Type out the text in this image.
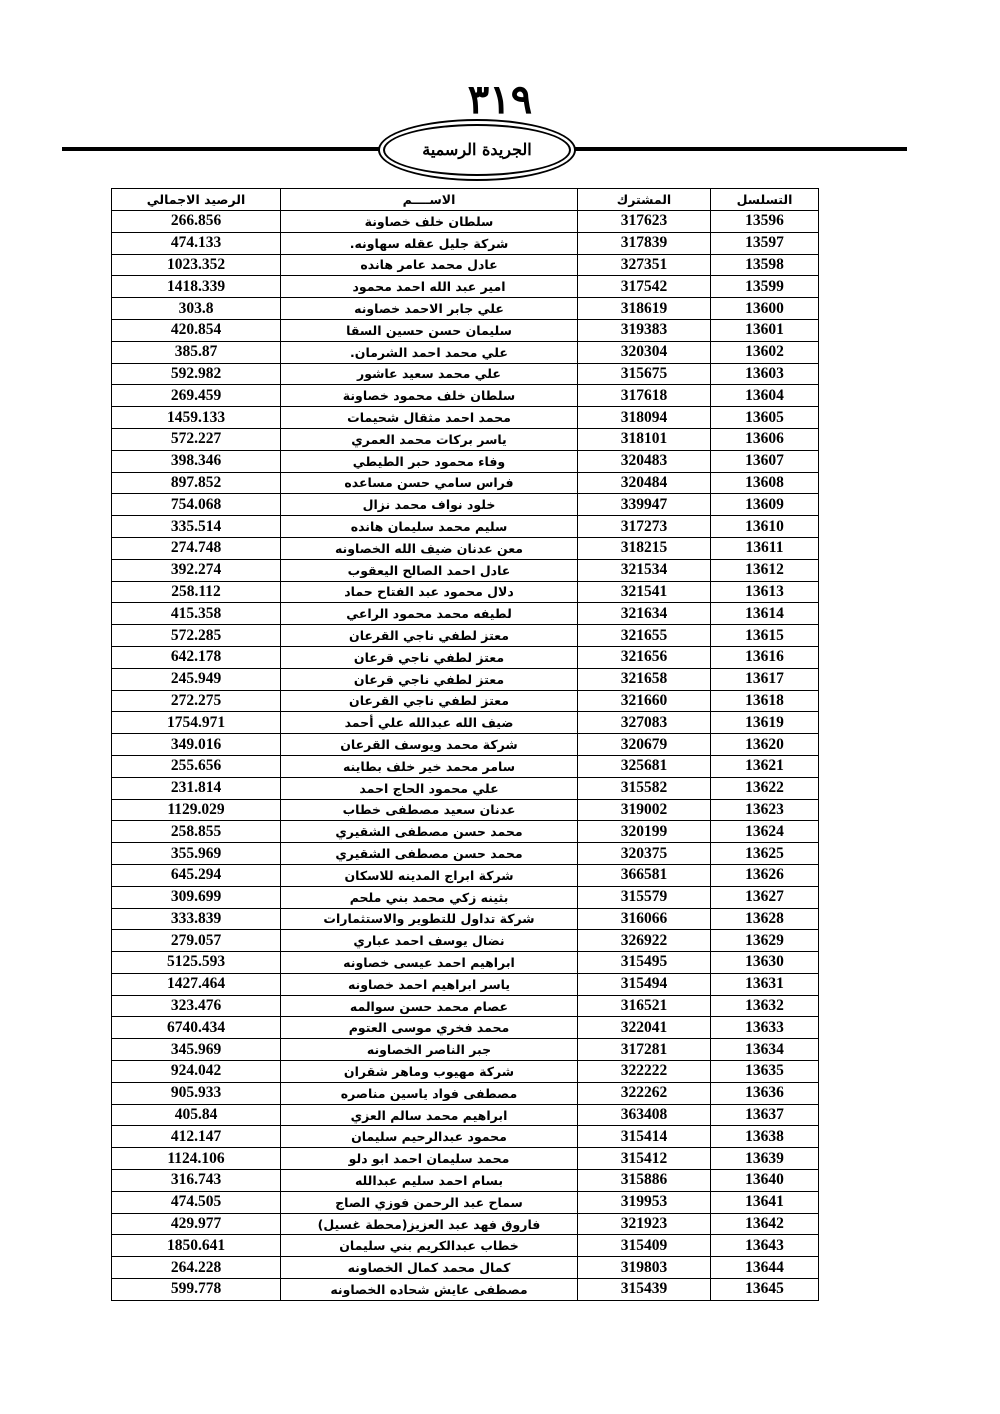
٣١٩
الجريدة الرسمية
التسلسل	المشترك	الاســــم	الرصيد الاجمالي
13596	317623	سلطان خلف خصاونة	266.856
13597	317839	شركة جليل عقله سهاونه.	474.133
13598	327351	عادل محمد عامر هانده	1023.352
13599	317542	امير عبد الله احمد محمود	1418.339
13600	318619	علي جابر الاحمد خصاونه	303.8
13601	319383	سليمان حسن حسين السقا	420.854
13602	320304	علي محمد احمد الشرمان.	385.87
13603	315675	علي محمد سعيد عاشور	592.982
13604	317618	سلطان خلف محمود خصاونة	269.459
13605	318094	محمد احمد مثقال شحيمات	1459.133
13606	318101	ياسر بركات محمد العمري	572.227
13607	320483	وفاء محمود حبر الطيطي	398.346
13608	320484	فراس سامي حسن مساعده	897.852
13609	339947	خلود نواف محمد نزال	754.068
13610	317273	سليم محمد سليمان هانده	335.514
13611	318215	معن عدنان ضيف الله الخصاونه	274.748
13612	321534	عادل احمد الصالح اليعقوب	392.274
13613	321541	دلال محمود عبد الفتاح حماد	258.112
13614	321634	لطيفه محمد محمود الراعي	415.358
13615	321655	معتز لطفي ناجي القرعان	572.285
13616	321656	معتز لطفي ناجي قرعان	642.178
13617	321658	معتز لطفي ناجي قرعان	245.949
13618	321660	معتز لطفي ناجي القرعان	272.275
13619	327083	ضيف الله عبدالله علي أحمد	1754.971
13620	320679	شركة محمد ويوسف القرعان	349.016
13621	325681	سامر محمد خير خلف بطاينه	255.656
13622	315582	علي محمود الحاج احمد	231.814
13623	319002	عدنان سعيد مصطفى خطاب	1129.029
13624	320199	محمد حسن مصطفى الشقيري	258.855
13625	320375	محمد حسن مصطفى الشقيري	355.969
13626	366581	شركة ابراج المدينه للاسكان	645.294
13627	315579	بثينه زكي محمد بني ملحم	309.699
13628	316066	شركة تداول للتطوير والاستثمارات	333.839
13629	326922	نضال يوسف احمد عباري	279.057
13630	315495	ابراهيم احمد عيسى خصاونه	5125.593
13631	315494	ياسر ابراهيم احمد خصاونه	1427.464
13632	316521	عصام محمد حسن سوالمه	323.476
13633	322041	محمد فخري موسى العتوم	6740.434
13634	317281	جبر الناصر الخصاونه	345.969
13635	322222	شركة مهيوب وماهر شقران	924.042
13636	322262	مصطفى فواد ياسين مناصره	905.933
13637	363408	ابراهيم محمد سالم العزي	405.84
13638	315414	محمود عبدالرحيم سليمان	412.147
13639	315412	محمد سليمان احمد ابو دلو	1124.106
13640	315886	بسام احمد سليم عبدالله	316.743
13641	319953	سماح عبد الرحمن فوزي الصاج	474.505
13642	321923	فاروق فهد عبد العزيز(محطة غسيل)	429.977
13643	315409	خطاب عبدالكريم بني سليمان	1850.641
13644	319803	كمال محمد كمال الخصاونه	264.228
13645	315439	مصطفى عايش شحاده الخصاونه	599.778
